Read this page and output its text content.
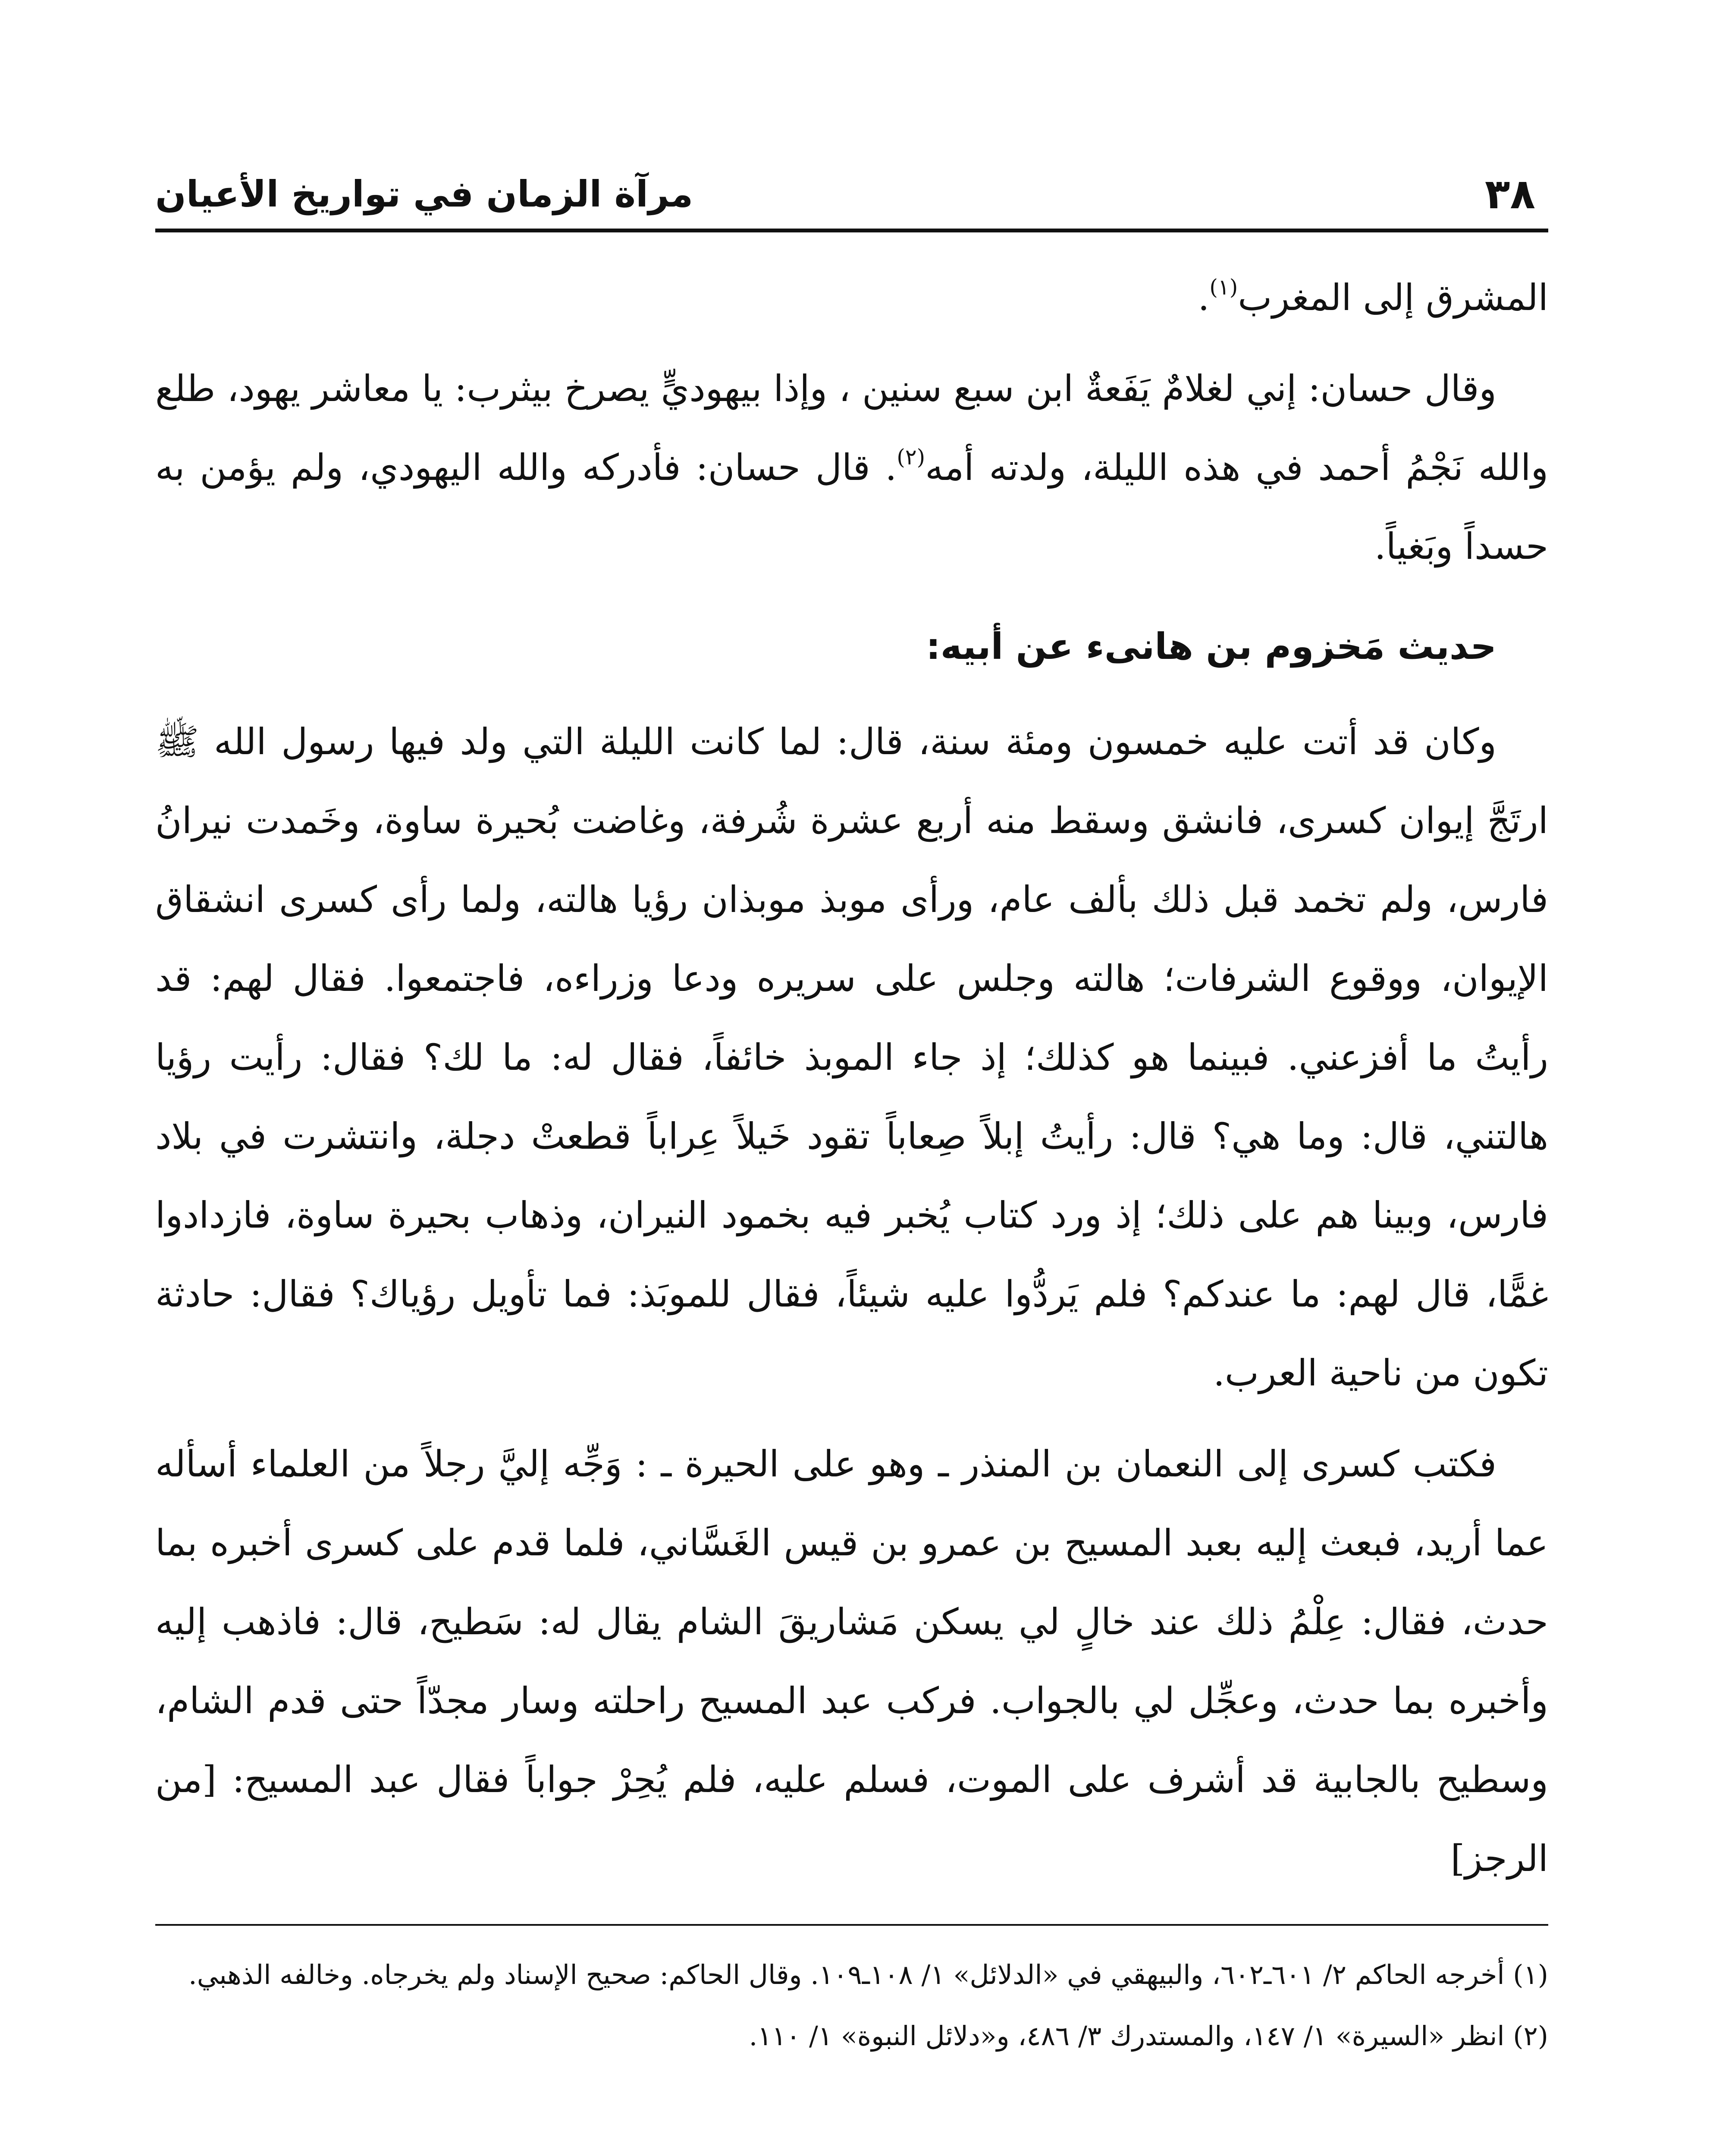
٣٨
مرآة الزمان في تواريخ الأعيان

المشرق إلى المغرب$^{(١)}$.

وقال حسان: إني لغلامٌ يَفَعةٌ ابن سبع سنين ، وإذا بيهوديٍّ يصرخ بيثرب: يا معاشر يهود، طلع والله نَجْمُ أحمد في هذه الليلة، ولدته أمه$^{(٢)}$. قال حسان: فأدركه والله اليهودي، ولم يؤمن به حسداً وبَغياً.

حديث مَخزوم بن هانىء عن أبيه:

وكان قد أتت عليه خمسون ومئة سنة، قال: لما كانت الليلة التي ولد فيها رسول الله ﷺ ارتَجَّ إيوان كسرى، فانشق وسقط منه أربع عشرة شُرفة، وغاضت بُحيرة ساوة، وخَمدت نيرانُ فارس، ولم تخمد قبل ذلك بألف عام، ورأى موبذ موبذان رؤيا هالته، ولما رأى كسرى انشقاق الإيوان، ووقوع الشرفات؛ هالته وجلس على سريره ودعا وزراءه، فاجتمعوا. فقال لهم: قد رأيتُ ما أفزعني. فبينما هو كذلك؛ إذ جاء الموبذ خائفاً، فقال له: ما لك؟ فقال: رأيت رؤيا هالتني، قال: وما هي؟ قال: رأيتُ إبلاً صِعاباً تقود خَيلاً عِراباً قطعتْ دجلة، وانتشرت في بلاد فارس، وبينا هم على ذلك؛ إذ ورد كتاب يُخبر فيه بخمود النيران، وذهاب بحيرة ساوة، فازدادوا غمًّا، قال لهم: ما عندكم؟ فلم يَردُّوا عليه شيئاً، فقال للموبَذ: فما تأويل رؤياك؟ فقال: حادثة تكون من ناحية العرب.

فكتب كسرى إلى النعمان بن المنذر ـ وهو على الحيرة ـ : وَجِّه إليَّ رجلاً من العلماء أسأله عما أريد، فبعث إليه بعبد المسيح بن عمرو بن قيس الغَسَّاني، فلما قدم على كسرى أخبره بما حدث، فقال: عِلْمُ ذلك عند خالٍ لي يسكن مَشاريقَ الشام يقال له: سَطيح، قال: فاذهب إليه وأخبره بما حدث، وعجِّل لي بالجواب. فركب عبد المسيح راحلته وسار مجدّاً حتى قدم الشام، وسطيح بالجابية قد أشرف على الموت، فسلم عليه، فلم يُحِرْ جواباً فقال عبد المسيح: [من الرجز]

(١) أخرجه الحاكم ٢/ ٦٠١ـ٦٠٢، والبيهقي في «الدلائل» ١/ ١٠٨ـ١٠٩. وقال الحاكم: صحيح الإسناد ولم يخرجاه. وخالفه الذهبي.

(٢) انظر «السيرة» ١/ ١٤٧، والمستدرك ٣/ ٤٨٦، و«دلائل النبوة» ١/ ١١٠.
